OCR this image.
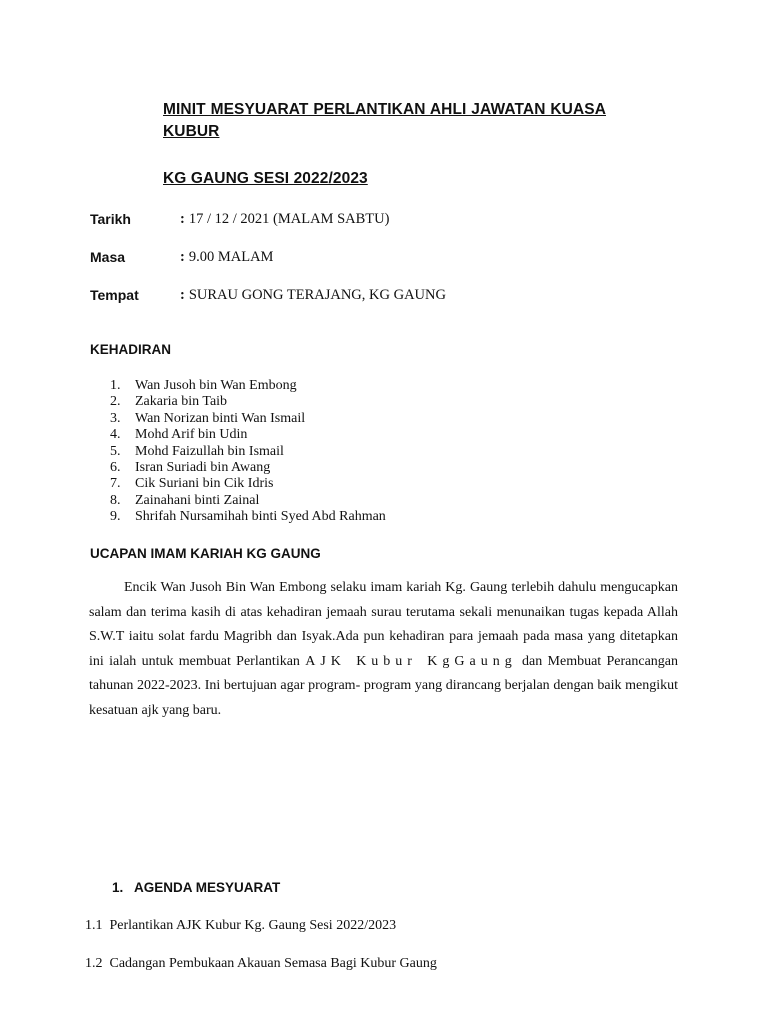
MINIT MESYUARAT PERLANTIKAN AHLI JAWATAN KUASA
KUBUR
KG GAUNG SESI 2022/2023
Tarikh	: 17 / 12 / 2021 (MALAM SABTU)
Masa	: 9.00 MALAM
Tempat	: SURAU GONG TERAJANG, KG GAUNG
KEHADIRAN
1. Wan Jusoh bin Wan Embong
2. Zakaria bin Taib
3. Wan Norizan binti Wan Ismail
4. Mohd Arif bin Udin
5. Mohd Faizullah bin Ismail
6. Isran Suriadi bin Awang
7. Cik Suriani bin Cik Idris
8. Zainahani binti Zainal
9. Shrifah Nursamihah binti Syed Abd Rahman
UCAPAN IMAM KARIAH KG GAUNG

Encik Wan Jusoh Bin Wan Embong selaku imam kariah Kg. Gaung terlebih dahulu mengucapkan salam dan terima kasih di atas kehadiran jemaah surau terutama sekali menunaikan tugas kepada Allah S.W.T iaitu solat fardu Magribh dan Isyak.Ada pun kehadiran para jemaah pada masa yang ditetapkan ini ialah untuk membuat Perlantikan AJK Kubur KgGaung dan Membuat Perancangan tahunan 2022-2023. Ini bertujuan agar program- program yang dirancang berjalan dengan baik mengikut kesatuan ajk yang baru.

1.   AGENDA MESYUARAT
1.1  Perlantikan AJK Kubur Kg. Gaung Sesi 2022/2023
1.2  Cadangan Pembukaan Akauan Semasa Bagi Kubur Gaung
